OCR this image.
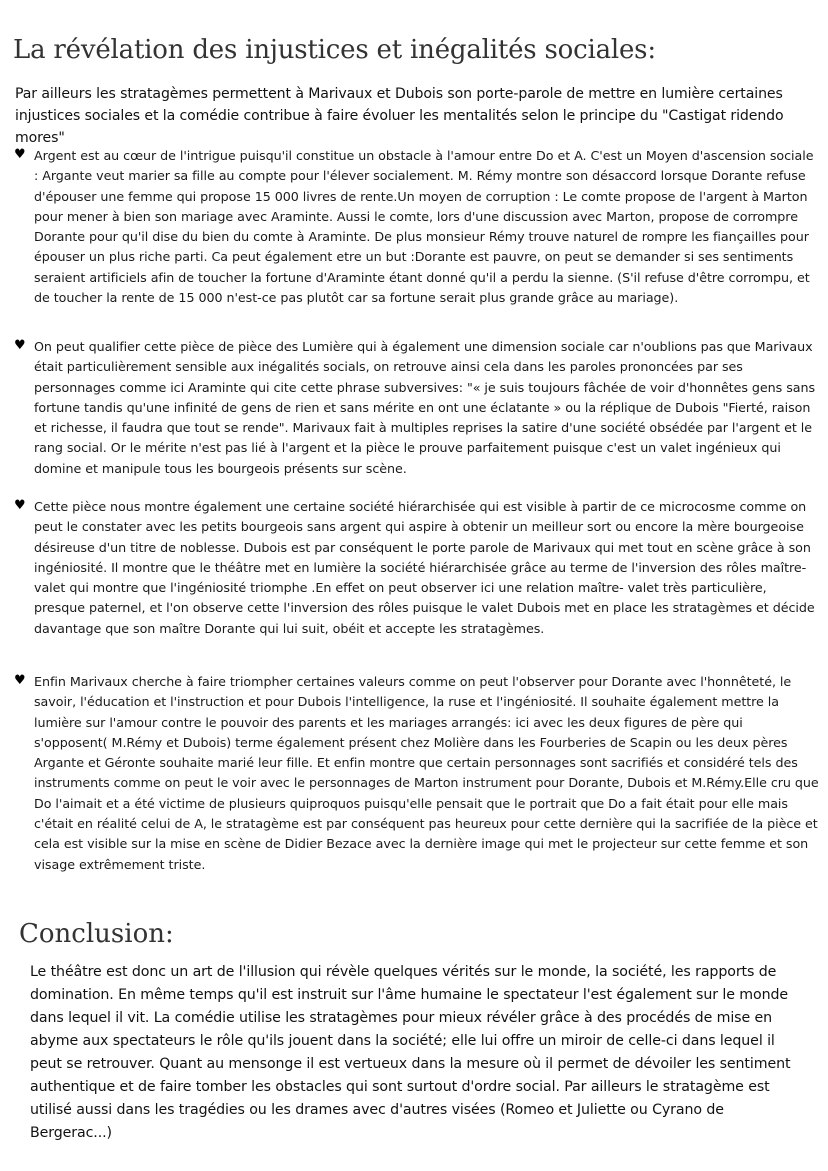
La révélation des injustices et inégalités sociales:

Par ailleurs les stratagèmes permettent à Marivaux et Dubois son porte-parole de mettre en lumière certaines injustices sociales et la comédie contribue à faire évoluer les mentalités selon le principe du "Castigat ridendo mores"

♥ Argent est au cœur de l'intrigue puisqu'il constitue un obstacle à l'amour entre Do et A. C'est un Moyen d'ascension sociale : Argante veut marier sa fille au compte pour l'élever socialement. M. Rémy montre son désaccord lorsque Dorante refuse d'épouser une femme qui propose 15 000 livres de rente.Un moyen de corruption : Le comte propose de l'argent à Marton pour mener à bien son mariage avec Araminte. Aussi le comte, lors d'une discussion avec Marton, propose de corrompre Dorante pour qu'il dise du bien du comte à Araminte. De plus monsieur Rémy trouve naturel de rompre les fiançailles pour épouser un plus riche parti. Ca peut également etre un but :Dorante est pauvre, on peut se demander si ses sentiments seraient artificiels afin de toucher la fortune d'Araminte étant donné qu'il a perdu la sienne. (S'il refuse d'être corrompu, et de toucher la rente de 15 000 n'est-ce pas plutôt car sa fortune serait plus grande grâce au mariage).

♥ On peut qualifier cette pièce de pièce des Lumière qui à également une dimension sociale car n'oublions pas que Marivaux était particulièrement sensible aux inégalités socials, on retrouve ainsi cela dans les paroles prononcées par ses personnages comme ici Araminte qui cite cette phrase subversives: "« je suis toujours fâchée de voir d'honnêtes gens sans fortune tandis qu'une infinité de gens de rien et sans mérite en ont une éclatante » ou la réplique de Dubois "Fierté, raison et richesse, il faudra que tout se rende". Marivaux fait à multiples reprises la satire d'une société obsédée par l'argent et le rang social. Or le mérite n'est pas lié à l'argent et la pièce le prouve parfaitement puisque c'est un valet ingénieux qui domine et manipule tous les bourgeois présents sur scène.

♥ Cette pièce nous montre également une certaine société hiérarchisée qui est visible à partir de ce microcosme comme on peut le constater avec les petits bourgeois sans argent qui aspire à obtenir un meilleur sort ou encore la mère bourgeoise désireuse d'un titre de noblesse. Dubois est par conséquent le porte parole de Marivaux qui met tout en scène grâce à son ingéniosité. Il montre que le théâtre met en lumière la société hiérarchisée grâce au terme de l'inversion des rôles maître-valet qui montre que l'ingéniosité triomphe .En effet on peut observer ici une relation maître- valet très particulière, presque paternel, et l'on observe cette l'inversion des rôles puisque le valet Dubois met en place les stratagèmes et décide davantage que son maître Dorante qui lui suit, obéit et accepte les stratagèmes.

♥ Enfin Marivaux cherche à faire triompher certaines valeurs comme on peut l'observer pour Dorante avec l'honnêteté, le savoir, l'éducation et l'instruction et pour Dubois l'intelligence, la ruse et l'ingéniosité. Il souhaite également mettre la lumière sur l'amour contre le pouvoir des parents et les mariages arrangés: ici avec les deux figures de père qui s'opposent( M.Rémy et Dubois) terme également présent chez Molière dans les Fourberies de Scapin ou les deux pères Argante et Géronte souhaite marié leur fille. Et enfin montre que certain personnages sont sacrifiés et considéré tels des instruments comme on peut le voir avec le personnages de Marton instrument pour Dorante, Dubois et M.Rémy.Elle cru que Do l'aimait et a été victime de plusieurs quiproquos puisqu'elle pensait que le portrait que Do a fait était pour elle mais c'était en réalité celui de A, le stratagème est par conséquent pas heureux pour cette dernière qui la sacrifiée de la pièce et cela est visible sur la mise en scène de Didier Bezace avec la dernière image qui met le projecteur sur cette femme et son visage extrêmement triste.

Conclusion:

Le théâtre est donc un art de l'illusion qui révèle quelques vérités sur le monde, la société, les rapports de domination. En même temps qu'il est instruit sur l'âme humaine le spectateur l'est également sur le monde dans lequel il vit. La comédie utilise les stratagèmes pour mieux révéler grâce à des procédés de mise en abyme aux spectateurs le rôle qu'ils jouent dans la société; elle lui offre un miroir de celle-ci dans lequel il peut se retrouver. Quant au mensonge il est vertueux dans la mesure où il permet de dévoiler les sentiment authentique et de faire tomber les obstacles qui sont surtout d'ordre social. Par ailleurs le stratagème est utilisé aussi dans les tragédies ou les drames avec d'autres visées (Romeo et Juliette ou Cyrano de Bergerac...)
